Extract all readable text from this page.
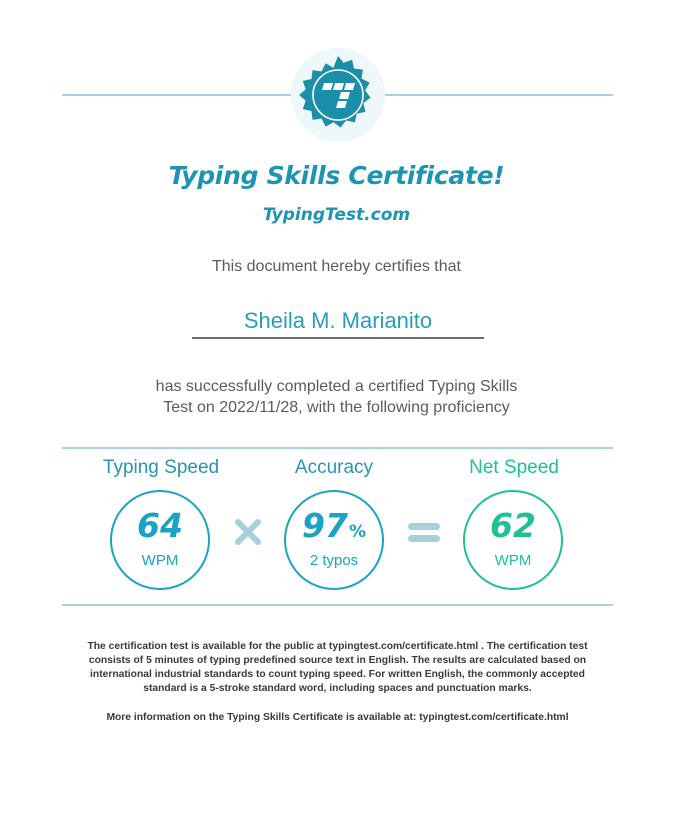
Typing Skills Certificate!
TypingTest.com
This document hereby certifies that
Sheila M. Marianito
has successfully completed a certified Typing Skills
Test on 2022/11/28, with the following proficiency
Typing Speed
64
WPM
Accuracy
97%
2 typos
Net Speed
62
WPM
The certification test is available for the public at typingtest.com/certificate.html . The certification test
consists of 5 minutes of typing predefined source text in English. The results are calculated based on
international industrial standards to count typing speed. For written English, the commonly accepted
standard is a 5-stroke standard word, including spaces and punctuation marks.
More information on the Typing Skills Certificate is available at: typingtest.com/certificate.html
